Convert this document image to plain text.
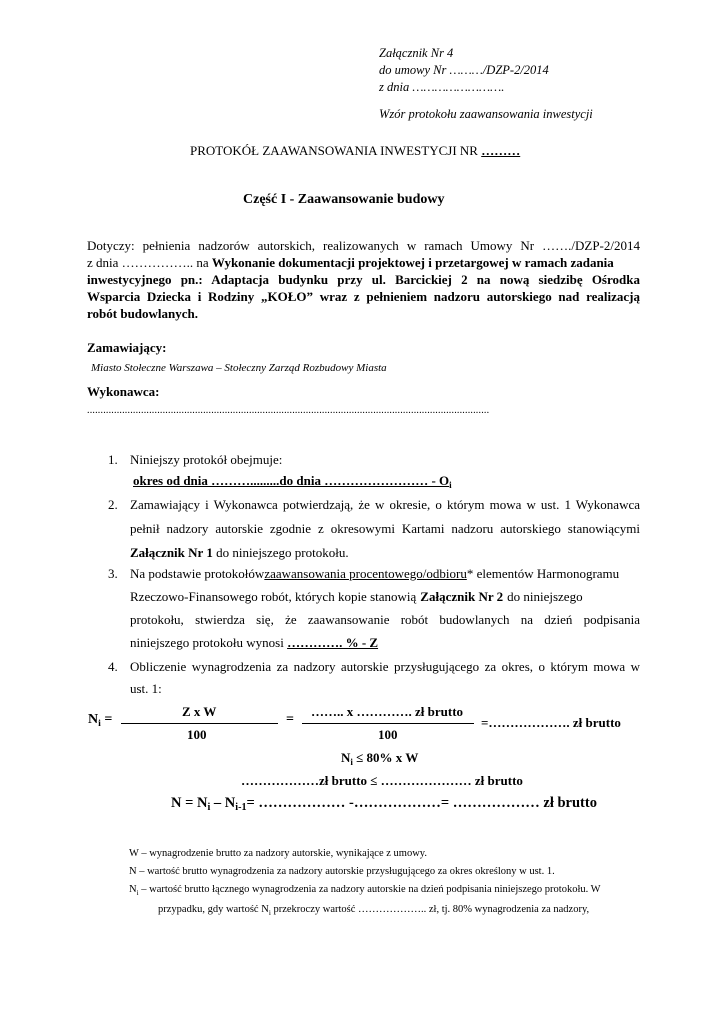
Załącznik Nr 4
do umowy Nr ………/DZP-2/2014
z dnia …………………….
Wzór protokołu zaawansowania inwestycji
PROTOKÓŁ ZAAWANSOWANIA INWESTYCJI NR ………
Część I - Zaawansowanie budowy
Dotyczy: pełnienia nadzorów autorskich, realizowanych w ramach Umowy Nr ……./DZP-2/2014
z dnia …………….. na Wykonanie dokumentacji projektowej i przetargowej w ramach zadania
inwestycyjnego pn.: Adaptacja budynku przy ul. Barcickiej 2 na nową siedzibę Ośrodka
Wsparcia Dziecka i Rodziny „KOŁO” wraz z pełnieniem nadzoru autorskiego nad realizacją
robót budowlanych.
Zamawiający:
Miasto Stołeczne Warszawa – Stołeczny Zarząd Rozbudowy Miasta
Wykonawca:
.....................................................................................................................................................
1. Niniejszy protokół obejmuje:
okres od dnia ……….........do dnia …………………… - $O_i$
2. Zamawiający i Wykonawca potwierdzają, że w okresie, o którym mowa w ust. 1 Wykonawca
pełnił nadzory autorskie zgodnie z okresowymi Kartami nadzoru autorskiego stanowiącymi
Załącznik Nr 1 do niniejszego protokołu.
3. Na podstawie protokołów zaawansowania procentowego/odbioru * elementów Harmonogramu
Rzeczowo-Finansowego robót, których kopie stanowią Załącznik Nr 2 do niniejszego
protokołu, stwierdza się, że zaawansowanie robót budowlanych na dzień podpisania
niniejszego protokołu wynosi …………. % - Z
4. Obliczenie wynagrodzenia za nadzory autorskie przysługującego za okres, o którym mowa w
ust. 1:
$N_i$ =
Z x W
100
=
…….. x …………. zł brutto
100
=………………. zł brutto
$N_i \le 80\%$ x W
………………zł brutto ≤ ………………… zł brutto
$N = N_i - N_{i-1}=$ ……………… -………………= ……………… zł brutto
W – wynagrodzenie brutto za nadzory autorskie, wynikające z umowy.
N – wartość brutto wynagrodzenia za nadzory autorskie przysługującego za okres określony w ust. 1.
$N_i$ – wartość brutto łącznego wynagrodzenia za nadzory autorskie na dzień podpisania niniejszego protokołu. W
przypadku, gdy wartość $N_i$ przekroczy wartość ……………….. zł, tj. 80% wynagrodzenia za nadzory,
